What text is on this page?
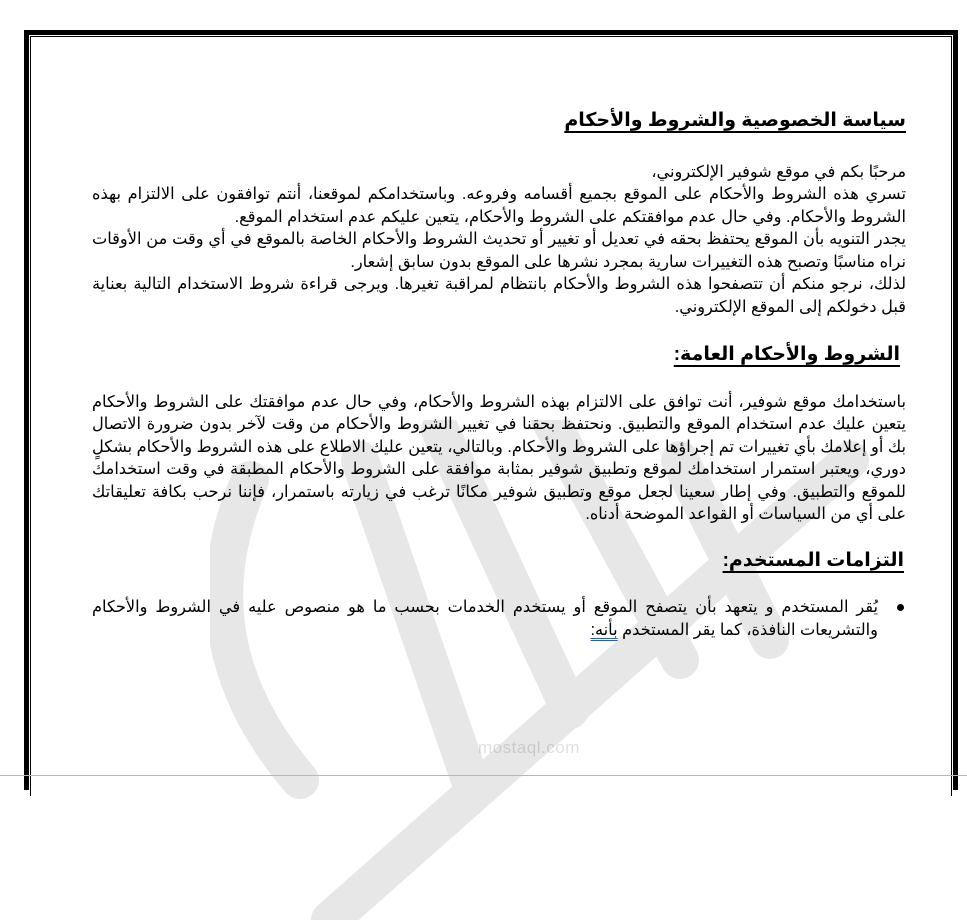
سياسة الخصوصية والشروط والأحكام

مرحبًا بكم في موقع شوفير الإلكتروني،

تسري هذه الشروط والأحكام على الموقع بجميع أقسامه وفروعه. وباستخدامكم لموقعنا، أنتم توافقون على الالتزام بهذه الشروط والأحكام. وفي حال عدم موافقتكم على الشروط والأحكام، يتعين عليكم عدم استخدام الموقع.

يجدر التنويه بأن الموقع يحتفظ بحقه في تعديل أو تغيير أو تحديث الشروط والأحكام الخاصة بالموقع في أي وقت من الأوقات نراه مناسبًا وتصبح هذه التغييرات سارية بمجرد نشرها على الموقع بدون سابق إشعار.

لذلك، نرجو منكم أن تتصفحوا هذه الشروط والأحكام بانتظام لمراقبة تغيرها. ويرجى قراءة شروط الاستخدام التالية بعناية قبل دخولكم إلى الموقع الإلكتروني.

الشروط والأحكام العامة:

باستخدامك موقع شوفير، أنت توافق على الالتزام بهذه الشروط والأحكام، وفي حال عدم موافقتك على الشروط والأحكام يتعين عليك عدم استخدام الموقع والتطبيق. ونحتفظ بحقنا في تغيير الشروط والأحكام من وقت لآخر بدون ضرورة الاتصال بك أو إعلامك بأي تغييرات تم إجراؤها على الشروط والأحكام. وبالتالي، يتعين عليك الاطلاع على هذه الشروط والأحكام بشكلٍ دوري، ويعتبر استمرار استخدامك لموقع وتطبيق شوفير بمثابة موافقة على الشروط والأحكام المطبقة في وقت استخدامك للموقع والتطبيق. وفي إطار سعينا لجعل موقع وتطبيق شوفير مكانًا ترغب في زيارته باستمرار، فإننا نرحب بكافة تعليقاتك على أي من السياسات أو القواعد الموضحة أدناه.

التزامات المستخدم:
يُقر المستخدم و يتعهد بأن يتصفح الموقع أو يستخدم الخدمات بحسب ما هو منصوص عليه في الشروط والأحكام والتشريعات النافذة، كما يقر المستخدم بأنه:
mostaql.com
